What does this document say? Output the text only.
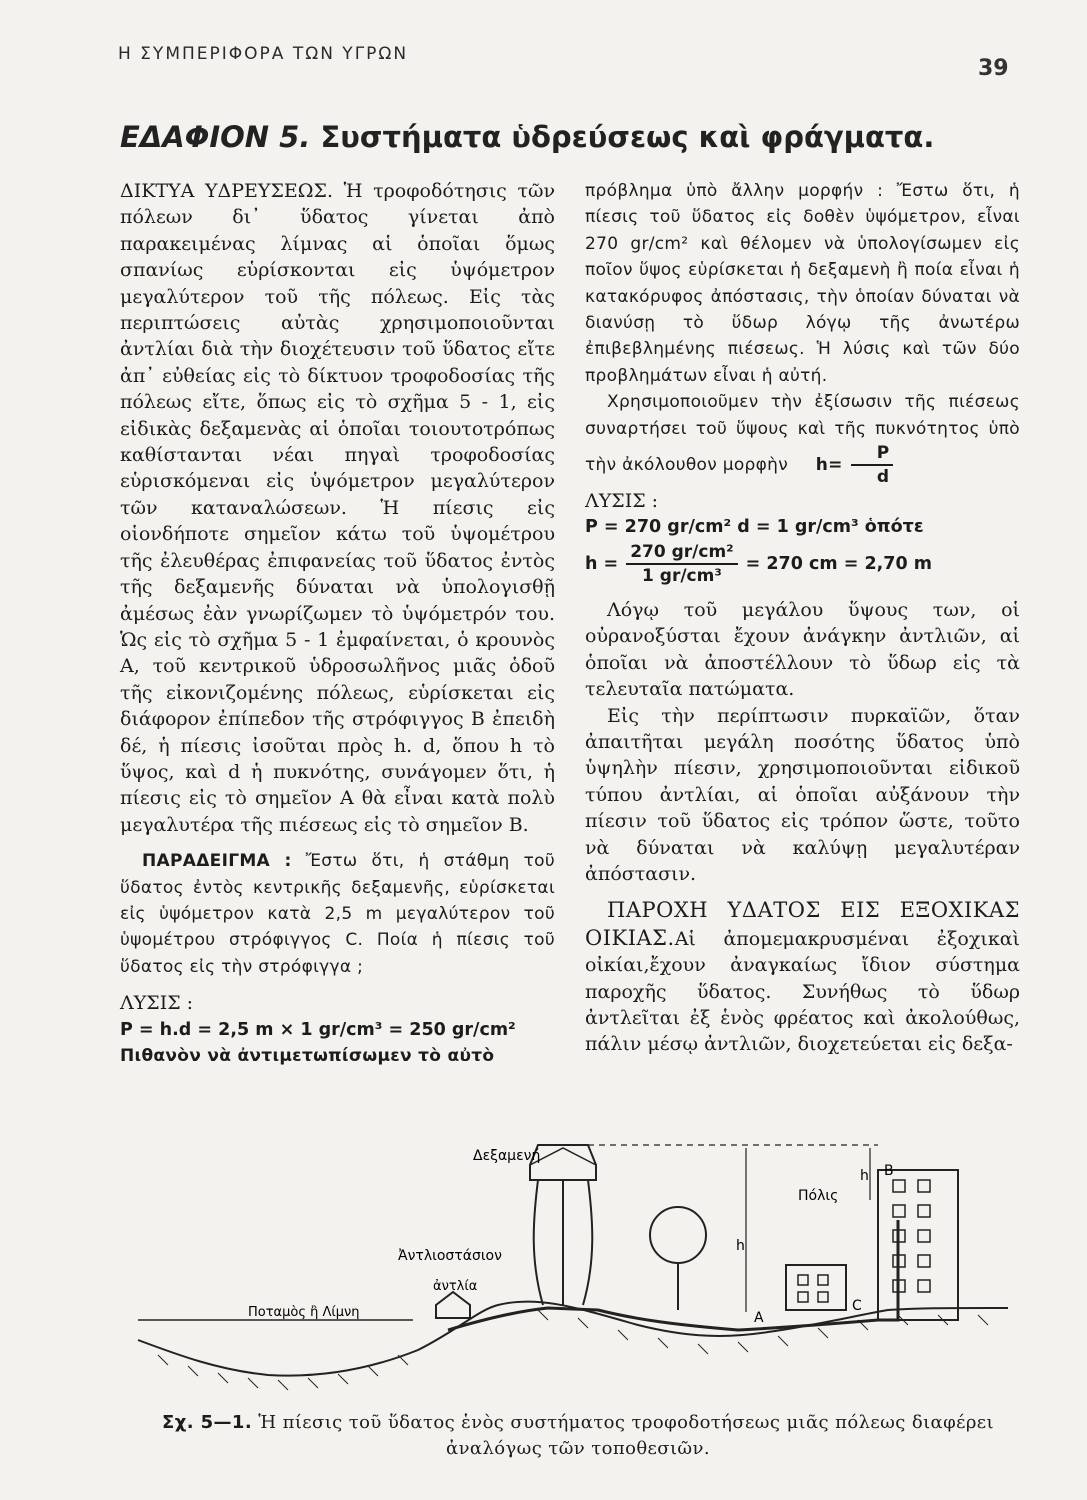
Η ΣΥΜΠΕΡΙΦΟΡΑ ΤΩΝ ΥΓΡΩΝ
39
ΕΔΑΦΙΟΝ 5. Συστήματα ὑδρεύσεως καὶ φράγματα.

ΔΙΚΤΥΑ ΥΔΡΕΥΣΕΩΣ. Ἡ τροφοδότησις τῶν πόλεων δι᾽ ὕδατος γίνεται ἀπὸ παρακειμένας λίμνας αἱ ὁποῖαι ὅμως σπανίως εὑρίσκονται εἰς ὑψόμετρον μεγαλύτερον τοῦ τῆς πόλεως. Εἰς τὰς περιπτώσεις αὐτὰς χρησιμοποιοῦνται ἀντλίαι διὰ τὴν διοχέτευσιν τοῦ ὕδατος εἴτε ἀπ᾽ εὐθείας εἰς τὸ δίκτυον τροφοδοσίας τῆς πόλεως εἴτε, ὅπως εἰς τὸ σχῆμα 5 - 1, εἰς εἰδικὰς δεξαμενὰς αἱ ὁποῖαι τοιουτοτρόπως καθίστανται νέαι πηγαὶ τροφοδοσίας εὑρισκόμεναι εἰς ὑψόμετρον μεγαλύτερον τῶν καταναλώσεων. Ἡ πίεσις εἰς οἱονδήποτε σημεῖον κάτω τοῦ ὑψομέτρου τῆς ἐλευθέρας ἐπιφανείας τοῦ ὕδατος ἐντὸς τῆς δεξαμενῆς δύναται νὰ ὑπολογισθῇ ἀμέσως ἐὰν γνωρίζωμεν τὸ ὑψόμετρόν του. Ὡς εἰς τὸ σχῆμα 5 - 1 ἐμφαίνεται, ὁ κρουνὸς Α, τοῦ κεντρικοῦ ὑδροσωλῆνος μιᾶς ὁδοῦ τῆς εἰκονιζομένης πόλεως, εὑρίσκεται εἰς διάφορον ἐπίπεδον τῆς στρόφιγγος Β ἐπειδὴ δέ, ἡ πίεσις ἰσοῦται πρὸς h. d, ὅπου h τὸ ὕψος, καὶ d ἡ πυκνότης, συνάγομεν ὅτι, ἡ πίεσις εἰς τὸ σημεῖον Α θὰ εἶναι κατὰ πολὺ μεγαλυτέρα τῆς πιέσεως εἰς τὸ σημεῖον Β.

ΠΑΡΑΔΕΙΓΜΑ : Ἔστω ὅτι, ἡ στάθμη τοῦ ὕδατος ἐντὸς κεντρικῆς δεξαμενῆς, εὑρίσκεται εἰς ὑψόμετρον κατὰ 2,5 m μεγαλύτερον τοῦ ὑψομέτρου στρόφιγγος C. Ποία ἡ πίεσις τοῦ ὕδατος εἰς τὴν στρόφιγγα ;

ΛΥΣΙΣ :

P = h.d = 2,5 m × 1 gr/cm³ = 250 gr/cm²

Πιθανὸν νὰ ἀντιμετωπίσωμεν τὸ αὐτὸ

πρόβλημα ὑπὸ ἄλλην μορφήν : Ἔστω ὅτι, ἡ πίεσις τοῦ ὕδατος εἰς δοθὲν ὑψόμετρον, εἶναι 270 gr/cm² καὶ θέλομεν νὰ ὑπολογίσωμεν εἰς ποῖον ὕψος εὑρίσκεται ἡ δεξαμενὴ ἢ ποία εἶναι ἡ κατακόρυφος ἀπόστασις, τὴν ὁποίαν δύναται νὰ διανύσῃ τὸ ὕδωρ λόγῳ τῆς ἀνωτέρω ἐπιβεβλημένης πιέσεως. Ἡ λύσις καὶ τῶν δύο προβλημάτων εἶναι ἡ αὐτή.

Χρησιμοποιοῦμεν τὴν ἐξίσωσιν τῆς πιέσεως συναρτήσει τοῦ ὕψους καὶ τῆς πυκνότητος ὑπὸ τὴν ἀκόλουθον μορφὴν	$h= \frac{P}{d}$

ΛΥΣΙΣ :

P = 270 gr/cm² d = 1 gr/cm³ ὁπότε

$h = \frac{\text{270 gr/cm²}}{\text{1 gr/cm³}} = 270$ cm = 2,70 m

Λόγῳ τοῦ μεγάλου ὕψους των, οἱ οὐρανοξύσται ἔχουν ἀνάγκην ἀντλιῶν, αἱ ὁποῖαι νὰ ἀποστέλλουν τὸ ὕδωρ εἰς τὰ τελευταῖα πατώματα.

Εἰς τὴν περίπτωσιν πυρκαϊῶν, ὅταν ἀπαιτῆται μεγάλη ποσότης ὕδατος ὑπὸ ὑψηλὴν πίεσιν, χρησιμοποιοῦνται εἰδικοῦ τύπου ἀντλίαι, αἱ ὁποῖαι αὐξάνουν τὴν πίεσιν τοῦ ὕδατος εἰς τρόπον ὥστε, τοῦτο νὰ δύναται νὰ καλύψῃ μεγαλυτέραν ἀπόστασιν.

ΠΑΡΟΧΗ ΥΔΑΤΟΣ ΕΙΣ ΕΞΟΧΙΚΑΣ ΟΙΚΙΑΣ.Αἱ ἀπομεμακρυσμέναι ἐξοχικαὶ οἰκίαι,ἔχουν ἀναγκαίως ἴδιον σύστημα παροχῆς ὕδατος. Συνήθως τὸ ὕδωρ ἀντλεῖται ἐξ ἑνὸς φρέατος καὶ ἀκολούθως, πάλιν μέσῳ ἀντλιῶν, διοχετεύεται εἰς δεξα-

Δεξαμενή
Ἀντλιοστάσιον
ἀντλία
Ποταμὸς ἢ Λίμνη
Πόλις
h
h
A
B
C
Σχ. 5—1. Ἡ πίεσις τοῦ ὕδατος ἑνὸς συστήματος τροφοδοτήσεως μιᾶς πόλεως διαφέρει ἀναλόγως τῶν τοποθεσιῶν.
